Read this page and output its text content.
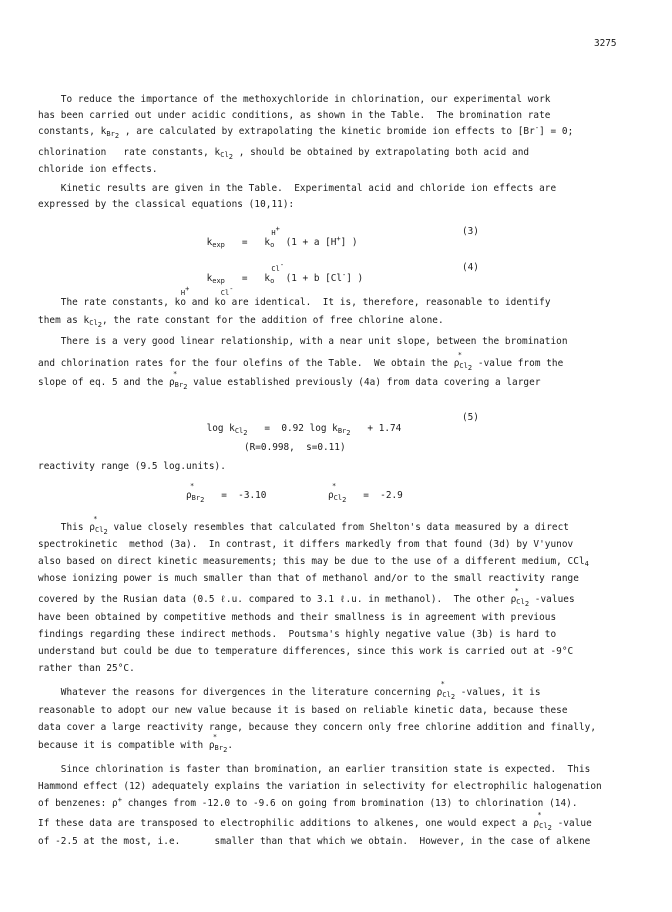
3275
To reduce the importance of the methoxychloride in chlorination, our experimental work
has been carried out under acidic conditions, as shown in the Table.  The bromination rate
constants, $k_{Br_2}$ , are calculated by extrapolating the kinetic bromide ion effects to [Br-] = 0;
chlorination   rate constants, $k_{Cl_2}$ , should be obtained by extrapolating both acid and
chloride ion effects.
Kinetic results are given in the Table.  Experimental acid and chloride ion effects are
expressed by the classical equations (10,11):

$k_{exp} = k_o$
H+
(1 + a [H+] )

(3)

$k_{exp} = k_o$
Cl-
(1 + b [Cl-] )

(4)
The rate constants, ko
H+
and ko
Cl-
are identical.  It is, therefore, reasonable to identify
them as $k_{Cl_2}$, the rate constant for the addition of free chlorine alone.
There is a very good linear relationship, with a near unit slope, between the bromination
and chlorination rates for the four olefins of the Table.  We obtain the ρ
*
$_{Cl_2}$ -value from the
slope of eq. 5 and the ρ
*
$_{Br_2}$ value established previously (4a) from data covering a larger

$\log k_{Cl_2} = 0.92$ $\log k_{Br_2} + 1.74$

(5)
(R=0.998,  s=0.11)
reactivity range (9.5 log.units).
ρ
*
$_{Br_2}$ =  -3.10	ρ
*
$_{Cl_2}$ =  -2.9
This ρ
*
$_{Cl_2}$ value closely resembles that calculated from Shelton's data measured by a direct
spectrokinetic  method (3a).  In contrast, it differs markedly from that found (3d) by V'yunov
also based on direct kinetic measurements; this may be due to the use of a different medium, CCl$_4$
whose ionizing power is much smaller than that of methanol and/or to the small reactivity range
covered by the Rusian data (0.5 ℓ.u. compared to 3.1 ℓ.u. in methanol).  The other ρ
*
$_{Cl_2}$ -values
have been obtained by competitive methods and their smallness is in agreement with previous
findings regarding these indirect methods.  Poutsma's highly negative value (3b) is hard to
understand but could be due to temperature differences, since this work is carried out at -9°C
rather than 25°C.
Whatever the reasons for divergences in the literature concerning ρ
*
$_{Cl_2}$ -values, it is
reasonable to adopt our new value because it is based on reliable kinetic data, because these
data cover a large reactivity range, because they concern only free chlorine addition and finally,
because it is compatible with ρ
*
$_{Br_2}$.
Since chlorination is faster than bromination, an earlier transition state is expected.  This
Hammond effect (12) adequately explains the variation in selectivity for electrophilic halogenation
of benzenes: ρ+ changes from -12.0 to -9.6 on going from bromination (13) to chlorination (14).
If these data are transposed to electrophilic additions to alkenes, one would expect a ρ
*
$_{Cl_2}$ -value
of -2.5 at the most, i.e.      smaller than that which we obtain.  However, in the case of alkene
